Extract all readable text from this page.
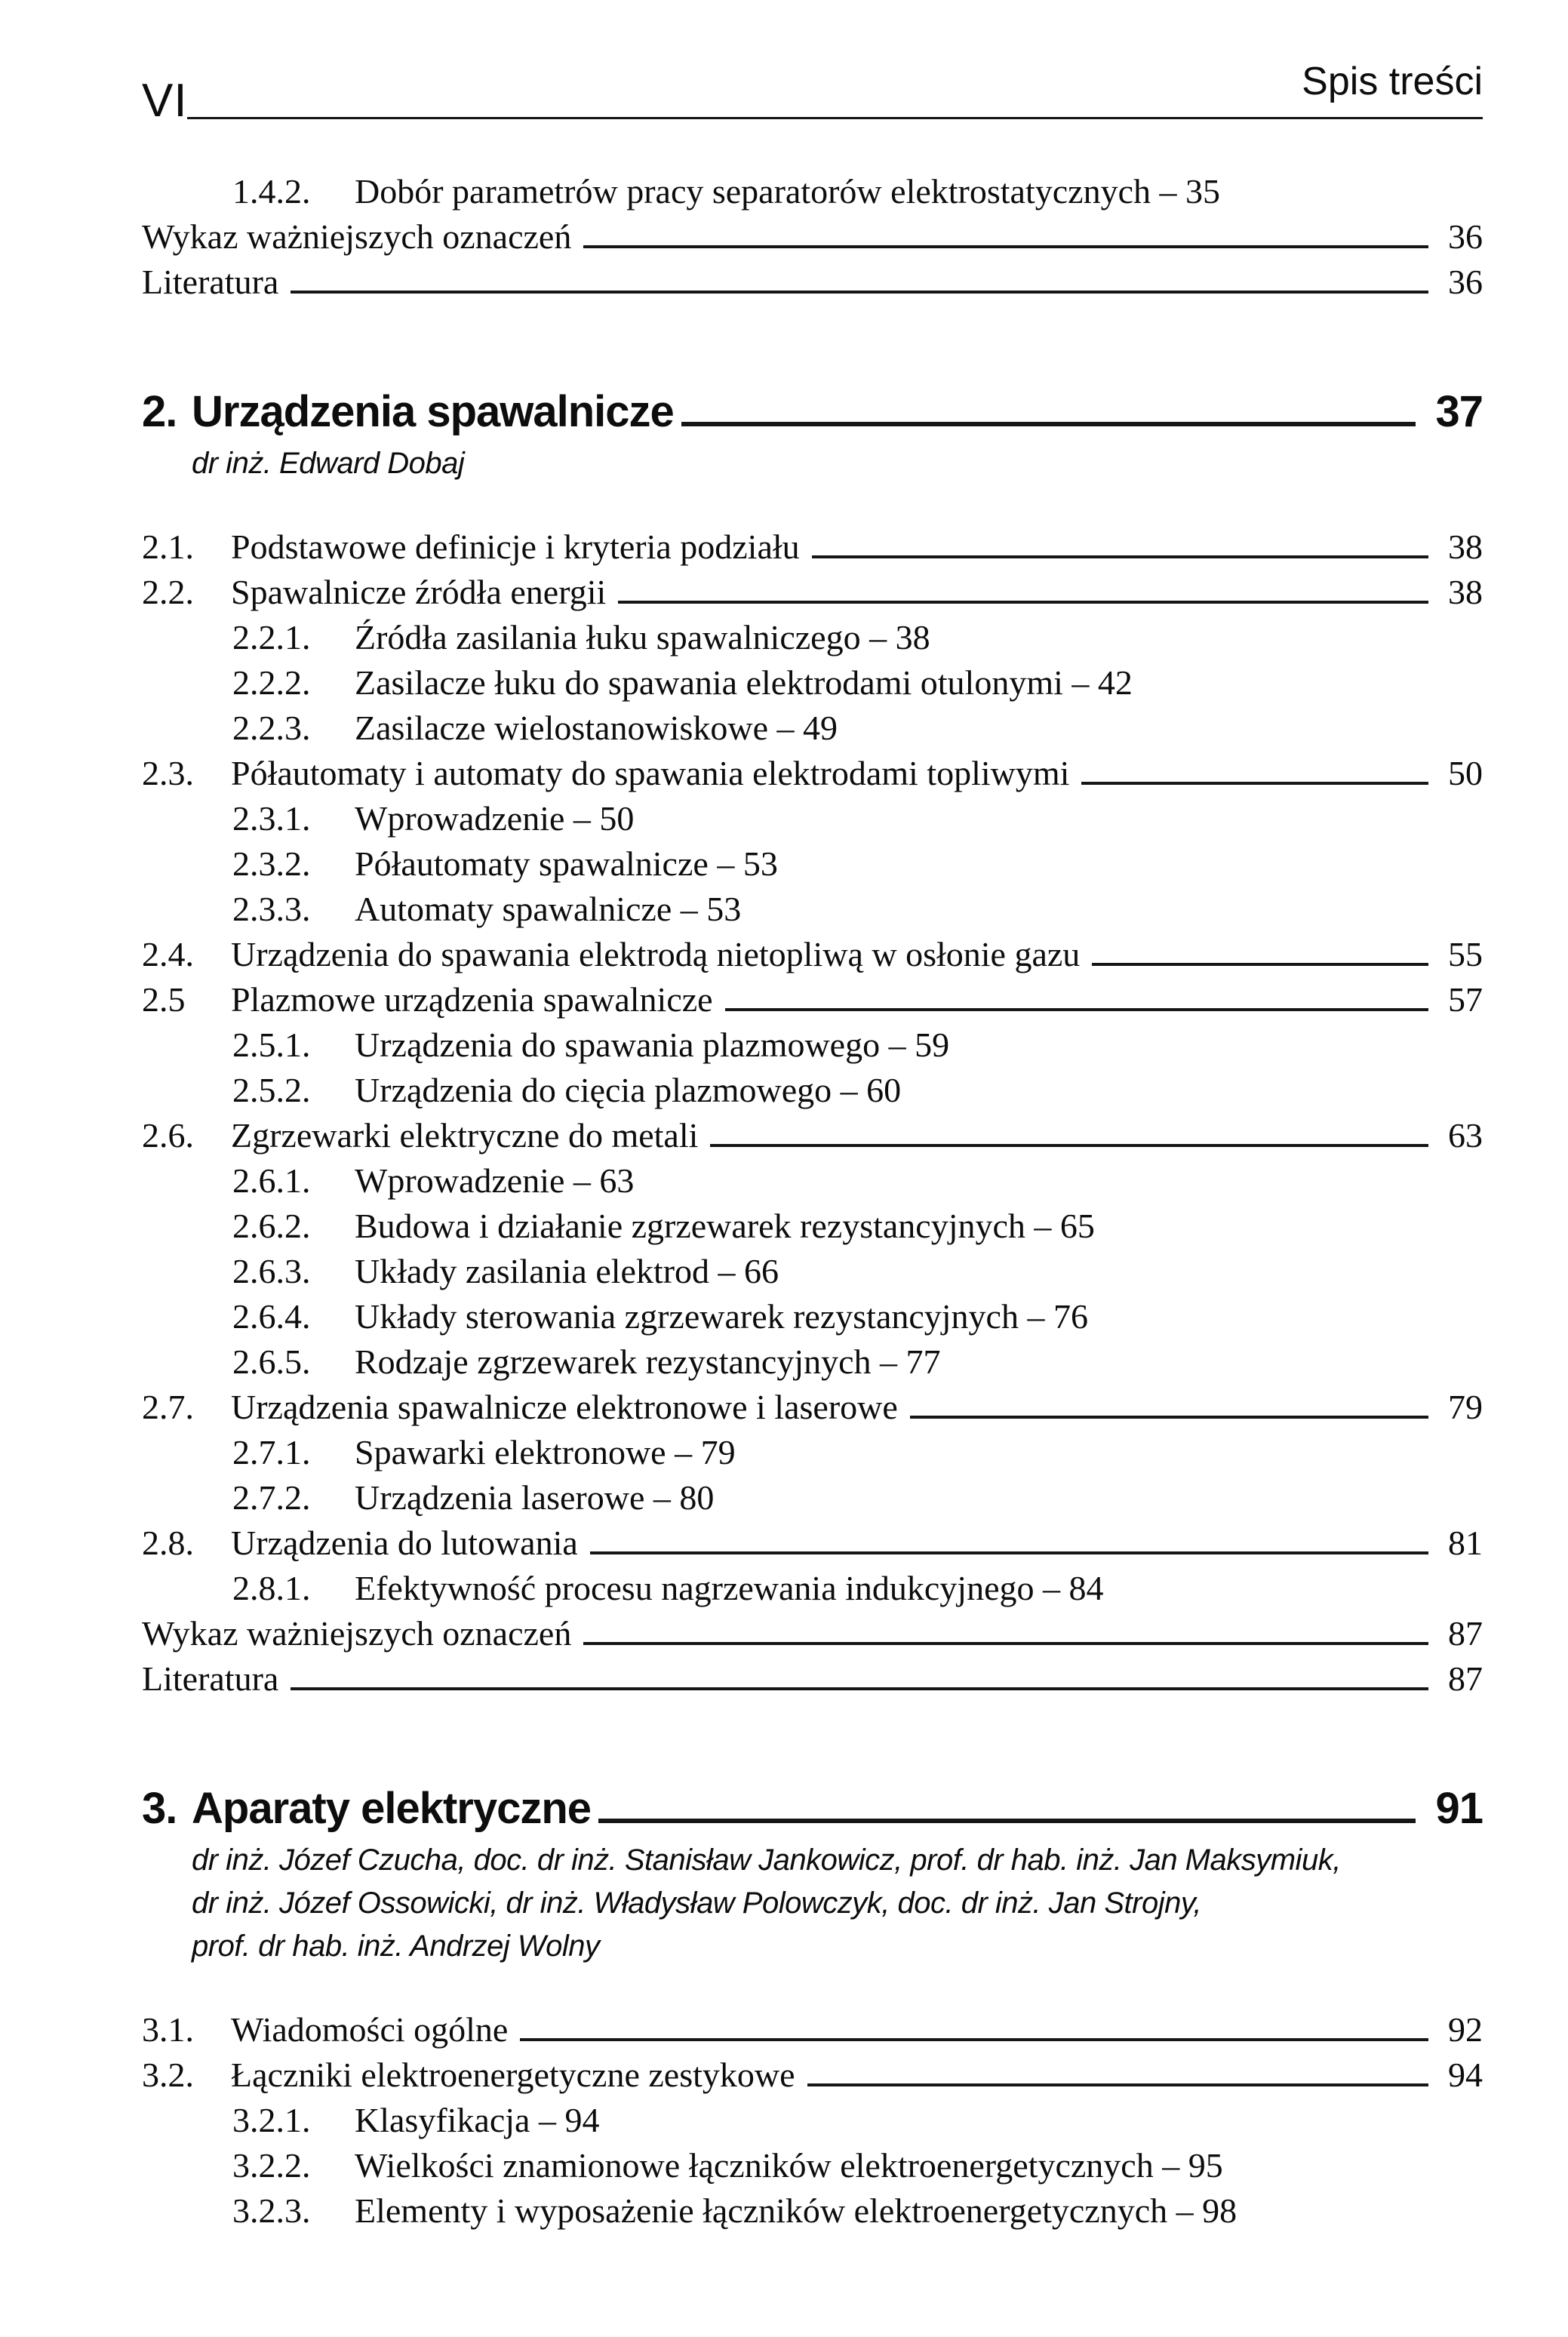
VI	Spis treści
1.4.2.	Dobór parametrów pracy separatorów elektrostatycznych – 35
Wykaz ważniejszych oznaczeń	36
Literatura	36
2. Urządzenia spawalnicze	37
dr inż. Edward Dobaj
2.1.	Podstawowe definicje i kryteria podziału	38
2.2.	Spawalnicze źródła energii	38
2.2.1.	Źródła zasilania łuku spawalniczego – 38
2.2.2.	Zasilacze łuku do spawania elektrodami otulonymi – 42
2.2.3.	Zasilacze wielostanowiskowe – 49
2.3.	Półautomaty i automaty do spawania elektrodami topliwymi	50
2.3.1.	Wprowadzenie – 50
2.3.2.	Półautomaty spawalnicze – 53
2.3.3.	Automaty spawalnicze – 53
2.4.	Urządzenia do spawania elektrodą nietopliwą w osłonie gazu	55
2.5	Plazmowe urządzenia spawalnicze	57
2.5.1.	Urządzenia do spawania plazmowego – 59
2.5.2.	Urządzenia do cięcia plazmowego – 60
2.6.	Zgrzewarki elektryczne do metali	63
2.6.1.	Wprowadzenie – 63
2.6.2.	Budowa i działanie zgrzewarek rezystancyjnych – 65
2.6.3.	Układy zasilania elektrod – 66
2.6.4.	Układy sterowania zgrzewarek rezystancyjnych – 76
2.6.5.	Rodzaje zgrzewarek rezystancyjnych – 77
2.7.	Urządzenia spawalnicze elektronowe i laserowe	79
2.7.1.	Spawarki elektronowe – 79
2.7.2.	Urządzenia laserowe – 80
2.8.	Urządzenia do lutowania	81
2.8.1.	Efektywność procesu nagrzewania indukcyjnego – 84
Wykaz ważniejszych oznaczeń	87
Literatura	87
3. Aparaty elektryczne	91
dr inż. Józef Czucha, doc. dr inż. Stanisław Jankowicz, prof. dr hab. inż. Jan Maksymiuk,
dr inż. Józef Ossowicki, dr inż. Władysław Polowczyk, doc. dr inż. Jan Strojny,
prof. dr hab. inż. Andrzej Wolny
3.1.	Wiadomości ogólne	92
3.2.	Łączniki elektroenergetyczne zestykowe	94
3.2.1.	Klasyfikacja – 94
3.2.2.	Wielkości znamionowe łączników elektroenergetycznych – 95
3.2.3.	Elementy i wyposażenie łączników elektroenergetycznych – 98
